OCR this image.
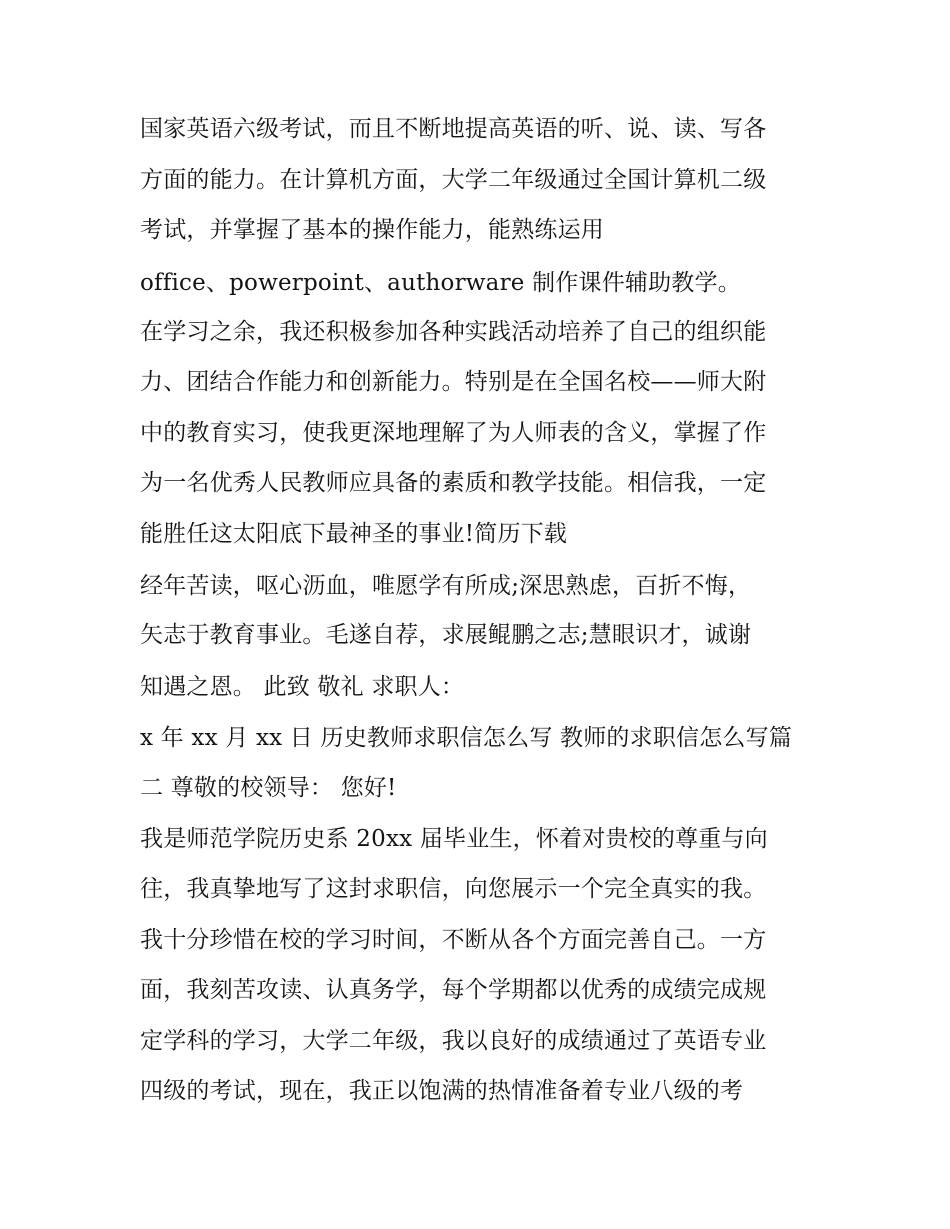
国家英语六级考试，而且不断地提高英语的听、说、读、写各
方面的能力。在计算机方面，大学二年级通过全国计算机二级
考试，并掌握了基本的操作能力，能熟练运用
office、powerpoint、authorware 制作课件辅助教学。
在学习之余，我还积极参加各种实践活动培养了自己的组织能
力、团结合作能力和创新能力。特别是在全国名校——师大附
中的教育实习，使我更深地理解了为人师表的含义，掌握了作
为一名优秀人民教师应具备的素质和教学技能。相信我，一定
能胜任这太阳底下最神圣的事业!简历下载
经年苦读，呕心沥血，唯愿学有所成;深思熟虑，百折不悔，
矢志于教育事业。毛遂自荐，求展鲲鹏之志;慧眼识才，诚谢
知遇之恩。 此致 敬礼 求职人：
x 年 xx 月 xx 日 历史教师求职信怎么写 教师的求职信怎么写篇
二 尊敬的校领导： 您好!
我是师范学院历史系 20xx 届毕业生，怀着对贵校的尊重与向
往，我真挚地写了这封求职信，向您展示一个完全真实的我。
我十分珍惜在校的学习时间，不断从各个方面完善自己。一方
面，我刻苦攻读、认真务学，每个学期都以优秀的成绩完成规
定学科的学习，大学二年级，我以良好的成绩通过了英语专业
四级的考试，现在，我正以饱满的热情准备着专业八级的考
